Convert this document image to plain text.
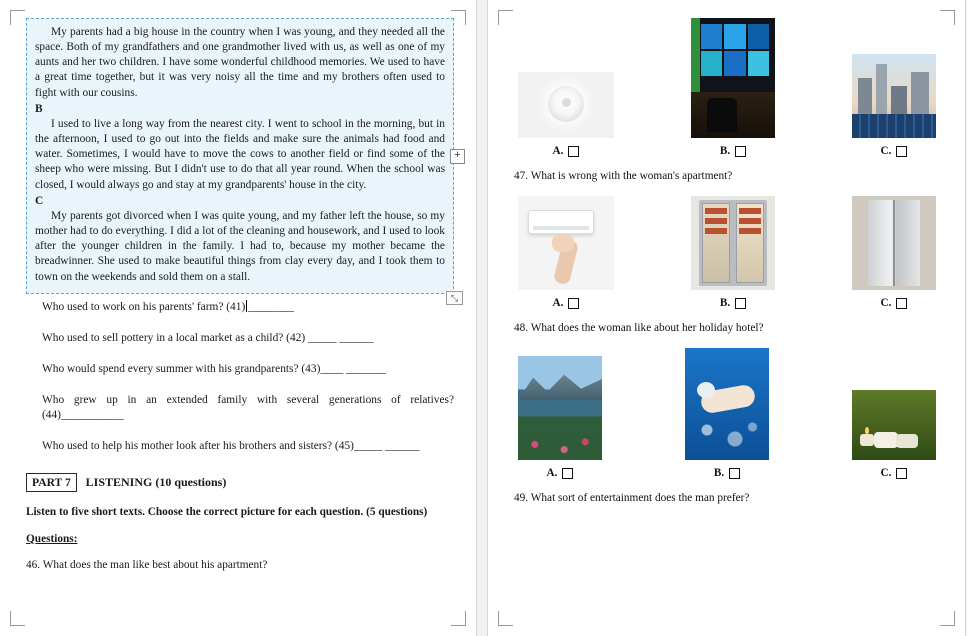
My parents had a big house in the country when I was young, and they needed all the space. Both of my grandfathers and one grandmother lived with us, as well as one of my aunts and her two children. I have some wonderful childhood memories. We used to have a great time together, but it was very noisy all the time and my brothers often used to fight with our cousins.

B

I used to live a long way from the nearest city. I went to school in the morning, but in the afternoon, I used to go out into the fields and make sure the animals had food and water. Sometimes, I would have to move the cows to another field or find some of the sheep who were missing. But I didn't use to do that all year round. When the school was closed, I would always go and stay at my grandparents' house in the city.

C

My parents got divorced when I was quite young, and my father left the house, so my mother had to do everything. I did a lot of the cleaning and housework, and I used to look after the younger children in the family. I had to, because my mother became the breadwinner. She used to make beautiful things from clay every day, and I took them to town on the weekends and sold them on a stall.

+
⤡

Who used to work on his parents' farm? (41) ________

Who used to sell pottery in a local market as a child? (42) _____ ______

Who would spend every summer with his grandparents? (43)____ _______

Who grew up in an extended family with several generations of relatives? (44)___________

Who used to help his mother look after his brothers and sisters? (45)_____ ______

PART 7 LISTENING (10 questions)

Listen to five short texts. Choose the correct picture for each question. (5 questions)

Questions:

46. What does the man like best about his apartment?

A.	B.	C.

47. What is wrong with the woman's apartment?

A.	B.	C.

48. What does the woman like about her holiday hotel?

A.	B.	C.

49. What sort of entertainment does the man prefer?
